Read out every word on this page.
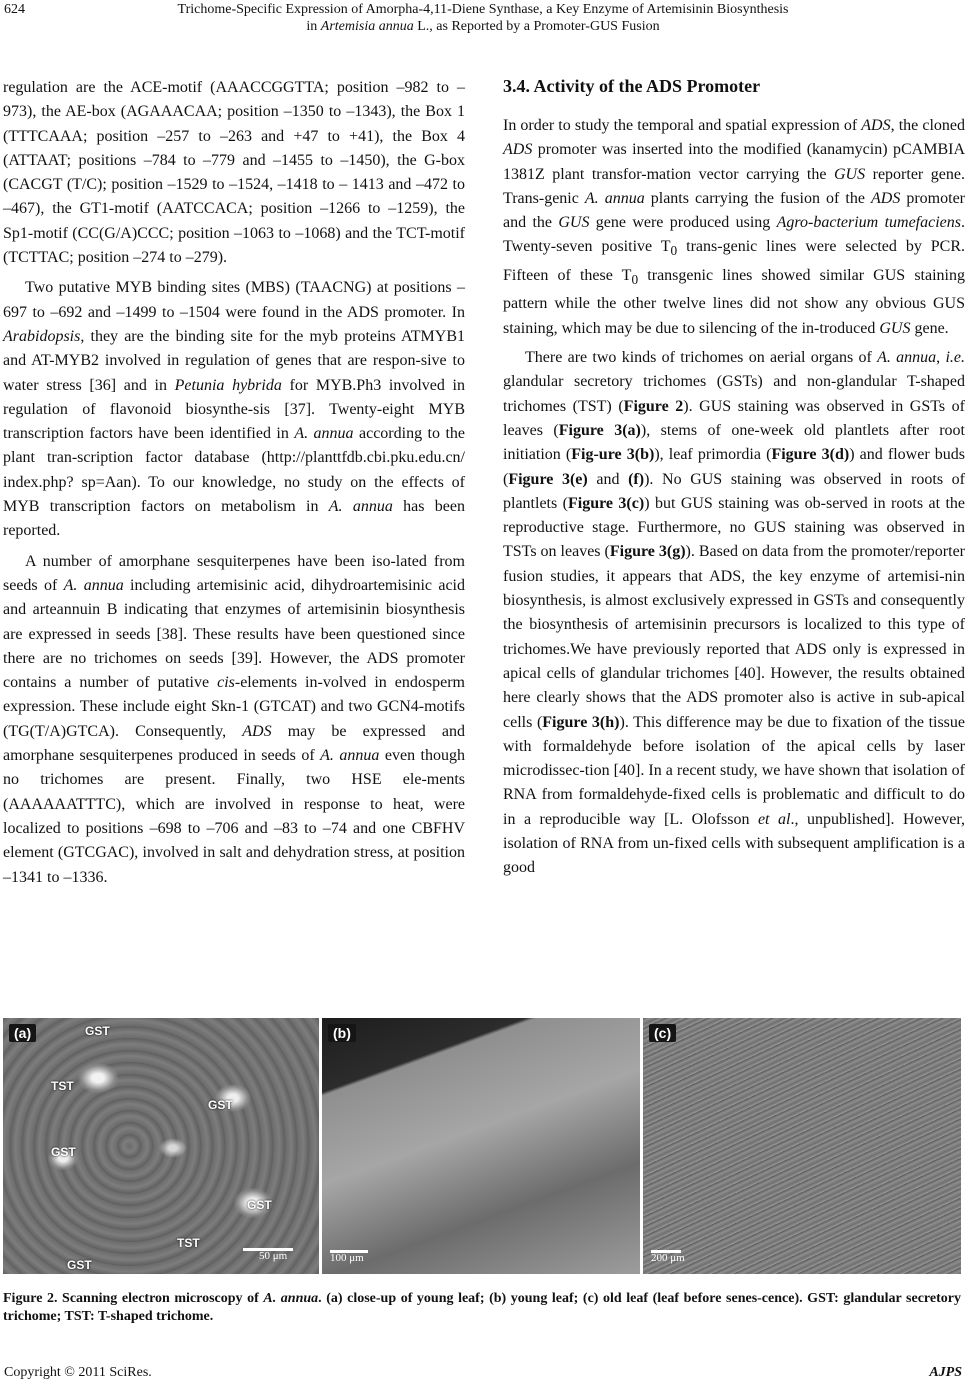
624	Trichome-Specific Expression of Amorpha-4,11-Diene Synthase, a Key Enzyme of Artemisinin Biosynthesis
in Artemisia annua L., as Reported by a Promoter-GUS Fusion

regulation are the ACE-motif (AAACCGGTTA; position –982 to –973), the AE-box (AGAAACAA; position –1350 to –1343), the Box 1 (TTTCAAA; position –257 to –263 and +47 to +41), the Box 4 (ATTAAT; positions –784 to –779 and –1455 to –1450), the G-box (CACGT (T/C); position –1529 to –1524, –1418 to – 1413 and –472 to –467), the GT1-motif (AATCCACA; position –1266 to –1259), the Sp1-motif (CC(G/A)CCC; position –1063 to –1068) and the TCT-motif (TCTTAC; position –274 to –279).

Two putative MYB binding sites (MBS) (TAACNG) at positions –697 to –692 and –1499 to –1504 were found in the ADS promoter. In Arabidopsis, they are the binding site for the myb proteins ATMYB1 and AT-MYB2 involved in regulation of genes that are respon-sive to water stress [36] and in Petunia hybrida for MYB.Ph3 involved in regulation of flavonoid biosynthe-sis [37]. Twenty-eight MYB transcription factors have been identified in A. annua according to the plant tran-scription factor database (http://planttfdb.cbi.pku.edu.cn/ index.php? sp=Aan). To our knowledge, no study on the effects of MYB transcription factors on metabolism in A. annua has been reported.

A number of amorphane sesquiterpenes have been iso-lated from seeds of A. annua including artemisinic acid, dihydroartemisinic acid and arteannuin B indicating that enzymes of artemisinin biosynthesis are expressed in seeds [38]. These results have been questioned since there are no trichomes on seeds [39]. However, the ADS promoter contains a number of putative cis-elements in-volved in endosperm expression. These include eight Skn-1 (GTCAT) and two GCN4-motifs (TG(T/A)GTCA). Consequently, ADS may be expressed and amorphane sesquiterpenes produced in seeds of A. annua even though no trichomes are present. Finally, two HSE ele-ments (AAAAAATTTC), which are involved in response to heat, were localized to positions –698 to –706 and –83 to –74 and one CBFHV element (GTCGAC), involved in salt and dehydration stress, at position –1341 to –1336.

3.4. Activity of the ADS Promoter

In order to study the temporal and spatial expression of ADS, the cloned ADS promoter was inserted into the modified (kanamycin) pCAMBIA 1381Z plant transfor-mation vector carrying the GUS reporter gene. Trans-genic A. annua plants carrying the fusion of the ADS promoter and the GUS gene were produced using Agro-bacterium tumefaciens. Twenty-seven positive $T_0$ trans-genic lines were selected by PCR. Fifteen of these $T_0$ transgenic lines showed similar GUS staining pattern while the other twelve lines did not show any obvious GUS staining, which may be due to silencing of the in-troduced GUS gene.

There are two kinds of trichomes on aerial organs of A. annua, i.e. glandular secretory trichomes (GSTs) and non-glandular T-shaped trichomes (TST) (Figure 2). GUS staining was observed in GSTs of leaves (Figure 3(a)), stems of one-week old plantlets after root initiation (Fig-ure 3(b)), leaf primordia (Figure 3(d)) and flower buds (Figure 3(e) and (f)). No GUS staining was observed in roots of plantlets (Figure 3(c)) but GUS staining was ob-served in roots at the reproductive stage. Furthermore, no GUS staining was observed in TSTs on leaves (Figure 3(g)). Based on data from the promoter/reporter fusion studies, it appears that ADS, the key enzyme of artemisi-nin biosynthesis, is almost exclusively expressed in GSTs and consequently the biosynthesis of artemisinin precursors is localized to this type of trichomes.We have previously reported that ADS only is expressed in apical cells of glandular trichomes [40]. However, the results obtained here clearly shows that the ADS promoter also is active in sub-apical cells (Figure 3(h)). This difference may be due to fixation of the tissue with formaldehyde before isolation of the apical cells by laser microdissec-tion [40]. In a recent study, we have shown that isolation of RNA from formaldehyde-fixed cells is problematic and difficult to do in a reproducible way [L. Olofsson et al., unpublished]. However, isolation of RNA from un-fixed cells with subsequent amplification is a good

(a)	GST
TST
GST
GST
GST
TST
GST
50 μm
(b)
100 μm
(c)
200 μm
Figure 2. Scanning electron microscopy of A. annua. (a) close-up of young leaf; (b) young leaf; (c) old leaf (leaf before senes-cence). GST: glandular secretory trichome; TST: T-shaped trichome.
Copyright © 2011 SciRes.	AJPS
